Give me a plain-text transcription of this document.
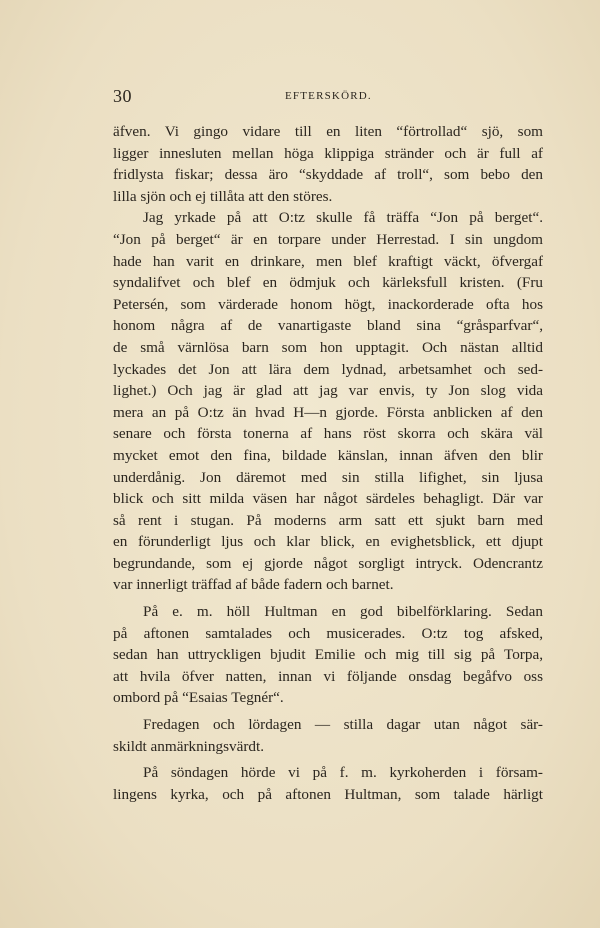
30	EFTERSKÖRD.
äfven. Vi gingo vidare till en liten “förtrollad“ sjö, som
ligger innesluten mellan höga klippiga stränder och är full af
fridlysta fiskar; dessa äro “skyddade af troll“, som bebo den
lilla sjön och ej tillåta att den störes.
Jag yrkade på att O:tz skulle få träffa “Jon på berget“.
“Jon på berget“ är en torpare under Herrestad. I sin ungdom
hade han varit en drinkare, men blef kraftigt väckt, öfvergaf
syndalifvet och blef en ödmjuk och kärleksfull kristen. (Fru
Petersén, som värderade honom högt, inackorderade ofta hos
honom några af de vanartigaste bland sina “gråsparfvar“,
de små värnlösa barn som hon upptagit. Och nästan alltid
lyckades det Jon att lära dem lydnad, arbetsamhet och sed-
lighet.) Och jag är glad att jag var envis, ty Jon slog vida
mera an på O:tz än hvad H—n gjorde. Första anblicken af den
senare och första tonerna af hans röst skorra och skära väl
mycket emot den fina, bildade känslan, innan äfven den blir
underdånig. Jon däremot med sin stilla lifighet, sin ljusa
blick och sitt milda väsen har något särdeles behagligt. Där var
så rent i stugan. På moderns arm satt ett sjukt barn med
en förunderligt ljus och klar blick, en evighetsblick, ett djupt
begrundande, som ej gjorde något sorgligt intryck. Odencrantz
var innerligt träffad af både fadern och barnet.
På e. m. höll Hultman en god bibelförklaring. Sedan
på aftonen samtalades och musicerades. O:tz tog afsked,
sedan han uttryckligen bjudit Emilie och mig till sig på Torpa,
att hvila öfver natten, innan vi följande onsdag begåfvo oss
ombord på “Esaias Tegnér“.
Fredagen och lördagen — stilla dagar utan något sär-
skildt anmärkningsvärdt.
På söndagen hörde vi på f. m. kyrkoherden i försam-
lingens kyrka, och på aftonen Hultman, som talade härligt
